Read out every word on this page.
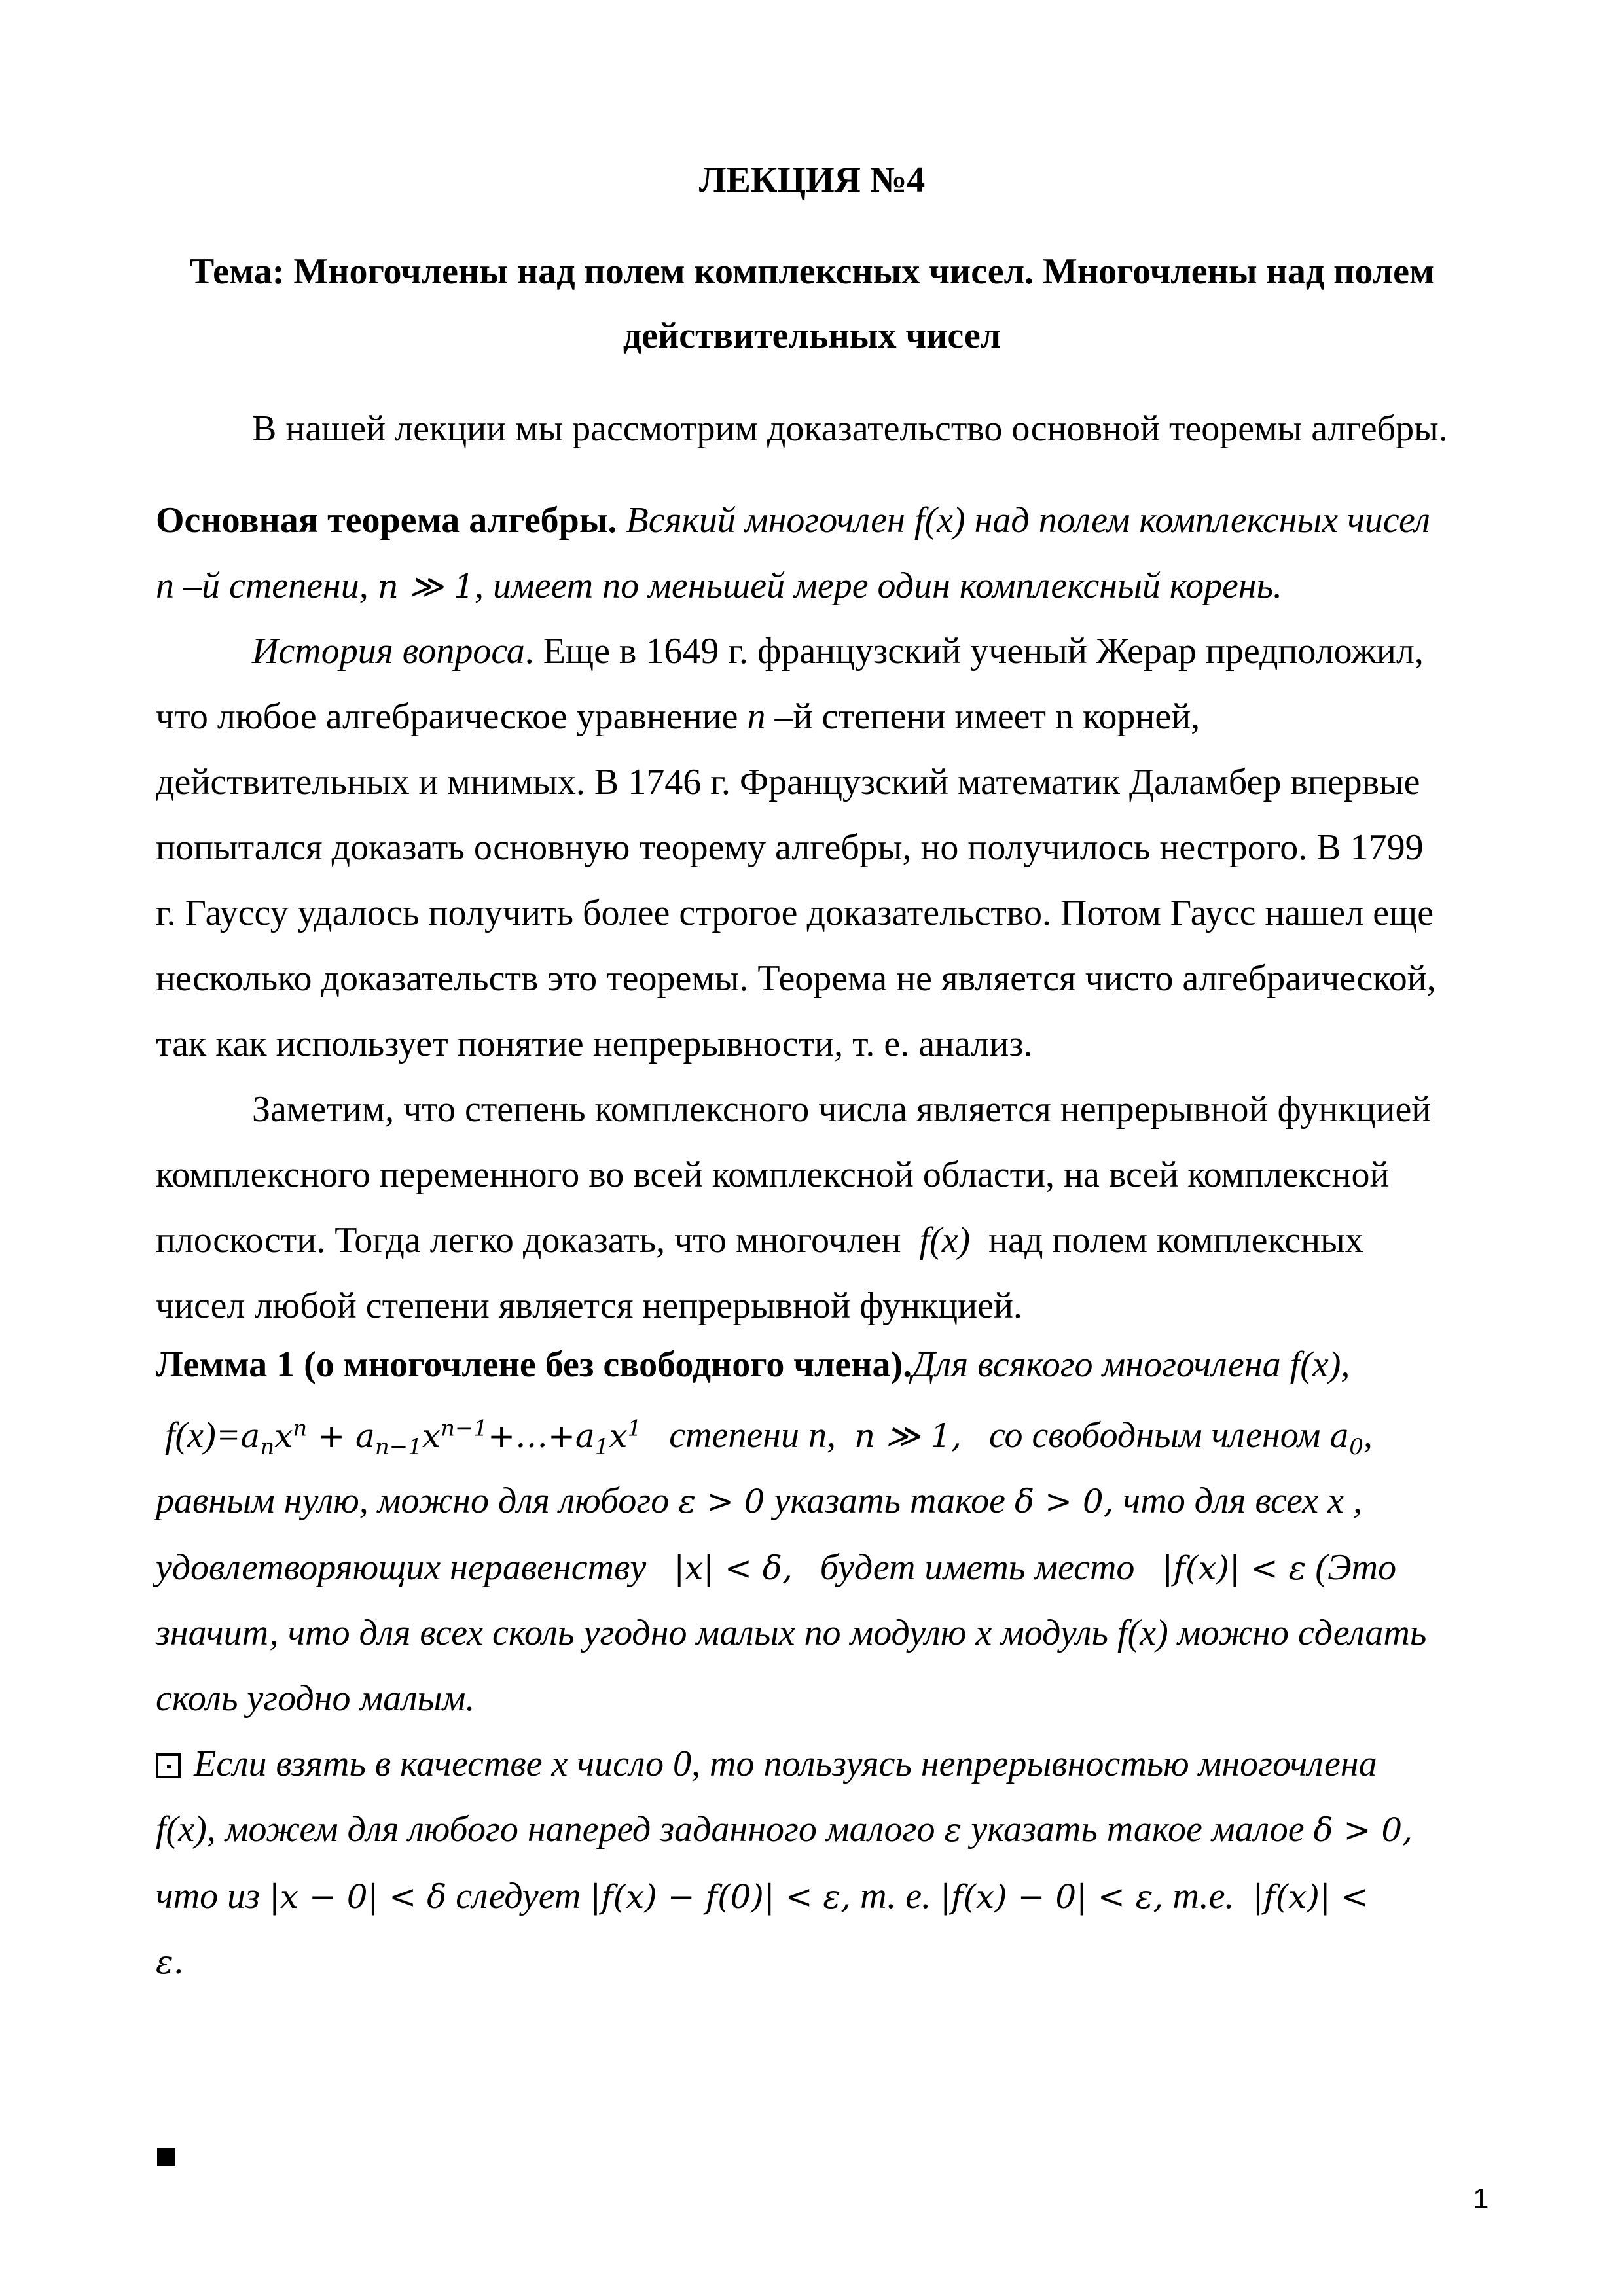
ЛЕКЦИЯ №4
Тема: Многочлены над полем комплексных чисел. Многочлены над полем
действительных чисел
В нашей лекции мы рассмотрим доказательство основной теоремы алгебры.
Основная теорема алгебры. Всякий многочлен f(x) над полем комплексных чисел
n –й степени, n ≫ 1, имеет по меньшей мере один комплексный корень.
История вопроса. Еще в 1649 г. французский ученый Жерар предположил,
что любое алгебраическое уравнение n –й степени имеет n корней,
действительных и мнимых. В 1746 г. Французский математик Даламбер впервые
попытался доказать основную теорему алгебры, но получилось нестрого. В 1799
г. Гауссу удалось получить более строгое доказательство. Потом Гаусс нашел еще
несколько доказательств это теоремы. Теорема не является чисто алгебраической,
так как использует понятие непрерывности, т. е. анализ.
Заметим, что степень комплексного числа является непрерывной функцией
комплексного переменного во всей комплексной области, на всей комплексной
плоскости. Тогда легко доказать, что многочлен f(x) над полем комплексных
чисел любой степени является непрерывной функцией.
Лемма 1 (о многочлене без свободного члена).Для всякого многочлена f(x),
$f(x)=a_nx^n$ + $a_{n-1}x^{n-1}+\dots+a_1x^1$ степени n, n ≫ 1, со свободным членом $a_0$,
равным нулю, можно для любого ε > 0 указать такое δ > 0, что для всех x ,
удовлетворяющих неравенству |x| < δ, будет иметь место |f(x)| < ε (Это
значит, что для всех сколь угодно малых по модулю x модуль f(x) можно сделать
сколь угодно малым.
Если взять в качестве x число 0, то пользуясь непрерывностью многочлена
f(x), можем для любого наперед заданного малого ε указать такое малое δ > 0,
что из |x − 0| < δ следует |f(x) − f(0)| < ε, т. е. |f(x) − 0| < ε, т.е. |f(x)| <
ε.
1
